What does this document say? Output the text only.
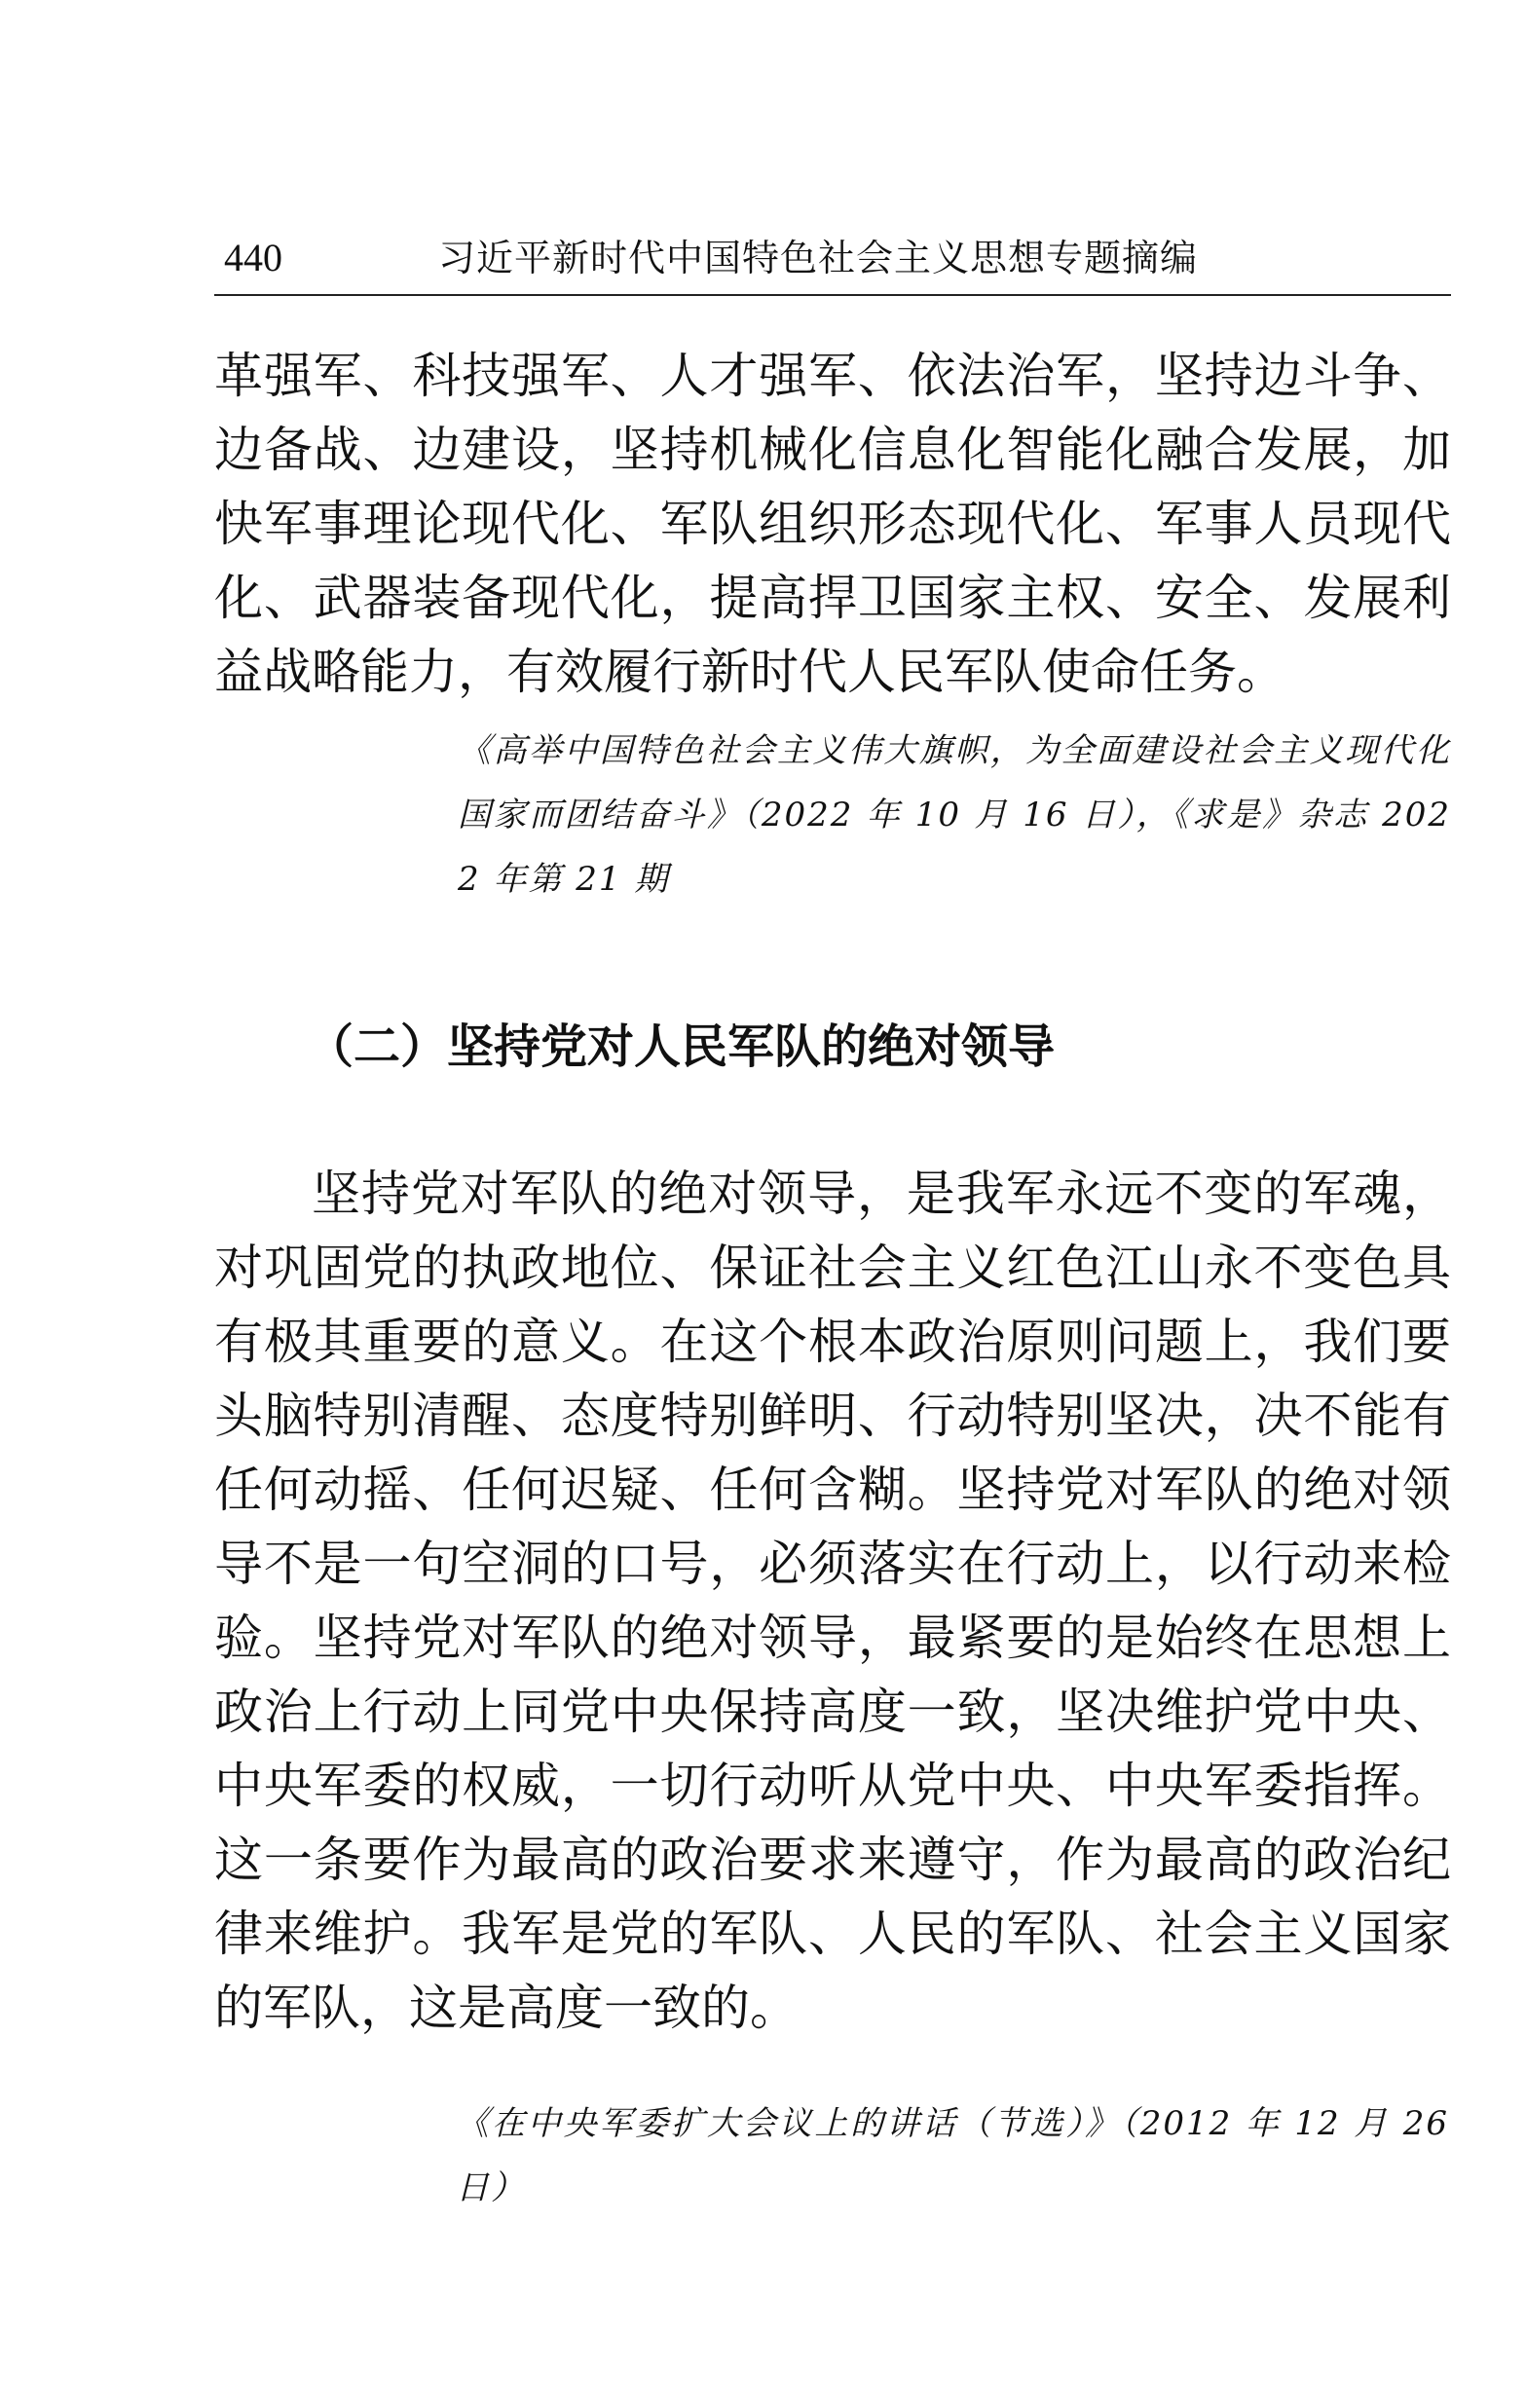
440	习近平新时代中国特色社会主义思想专题摘编

革强军、科技强军、人才强军、依法治军，坚持边斗争、边备战、边建设，坚持机械化信息化智能化融合发展，加快军事理论现代化、军队组织形态现代化、军事人员现代化、武器装备现代化，提高捍卫国家主权、安全、发展利益战略能力，有效履行新时代人民军队使命任务。

《高举中国特色社会主义伟大旗帜，为全面建设社会主义现代化国家而团结奋斗》（2022 年 10 月 16 日），《求是》杂志 2022 年第 21 期

（二）坚持党对人民军队的绝对领导

坚持党对军队的绝对领导，是我军永远不变的军魂，对巩固党的执政地位、保证社会主义红色江山永不变色具有极其重要的意义。在这个根本政治原则问题上，我们要头脑特别清醒、态度特别鲜明、行动特别坚决，决不能有任何动摇、任何迟疑、任何含糊。坚持党对军队的绝对领导不是一句空洞的口号，必须落实在行动上，以行动来检验。坚持党对军队的绝对领导，最紧要的是始终在思想上政治上行动上同党中央保持高度一致，坚决维护党中央、中央军委的权威，一切行动听从党中央、中央军委指挥。这一条要作为最高的政治要求来遵守，作为最高的政治纪律来维护。我军是党的军队、人民的军队、社会主义国家的军队，这是高度一致的。

《在中央军委扩大会议上的讲话（节选）》（2012 年 12 月 26 日）
